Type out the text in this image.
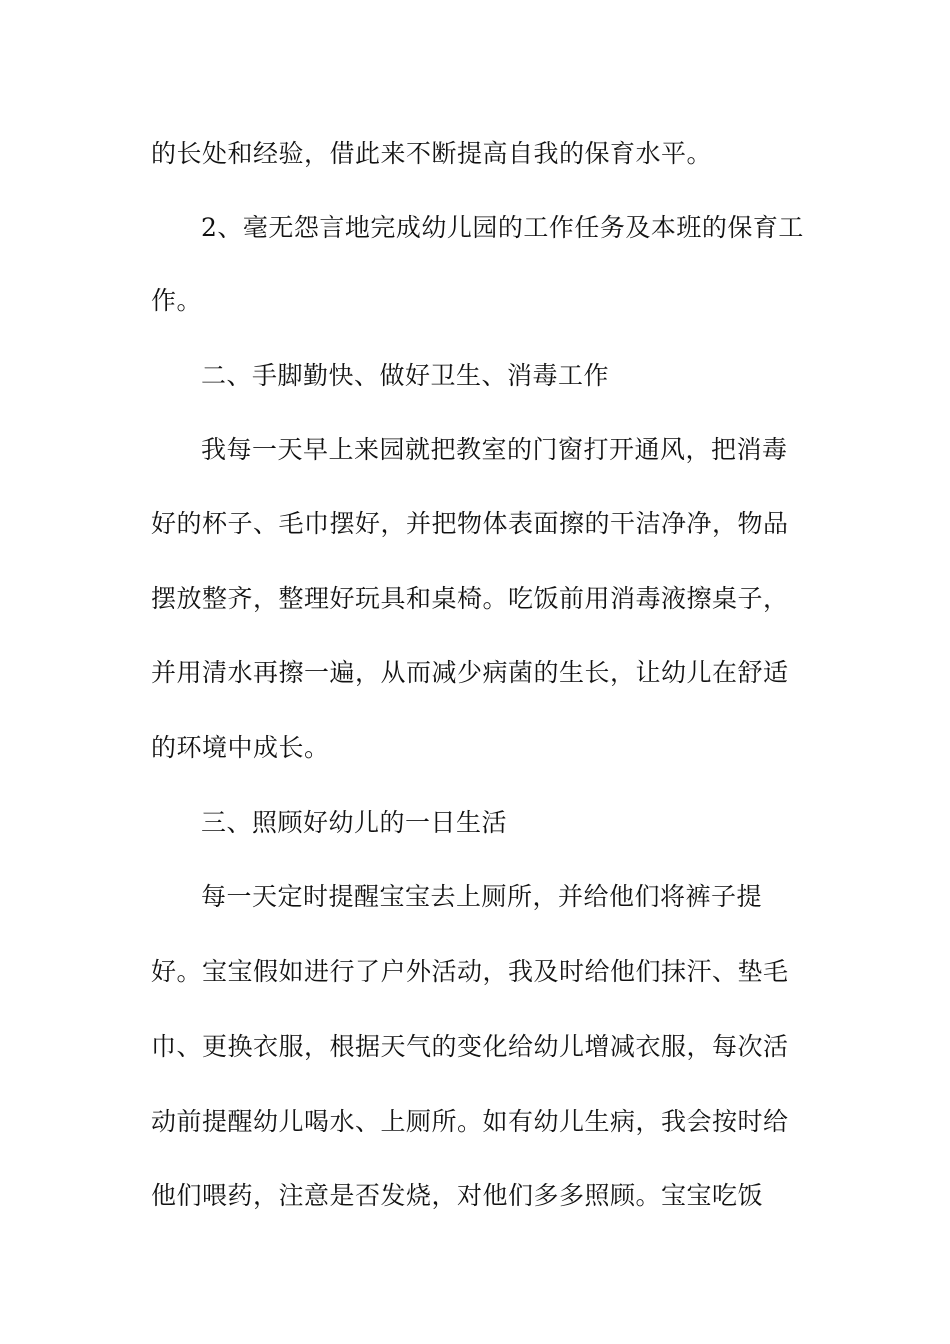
的长处和经验，借此来不断提高自我的保育水平。

2、毫无怨言地完成幼儿园的工作任务及本班的保育工

作。

二、手脚勤快、做好卫生、消毒工作

我每一天早上来园就把教室的门窗打开通风，把消毒

好的杯子、毛巾摆好，并把物体表面擦的干洁净净，物品

摆放整齐，整理好玩具和桌椅。吃饭前用消毒液擦桌子，

并用清水再擦一遍，从而减少病菌的生长，让幼儿在舒适

的环境中成长。

三、照顾好幼儿的一日生活

每一天定时提醒宝宝去上厕所，并给他们将裤子提

好。宝宝假如进行了户外活动，我及时给他们抹汗、垫毛

巾、更换衣服，根据天气的变化给幼儿增减衣服，每次活

动前提醒幼儿喝水、上厕所。如有幼儿生病，我会按时给

他们喂药，注意是否发烧，对他们多多照顾。宝宝吃饭
